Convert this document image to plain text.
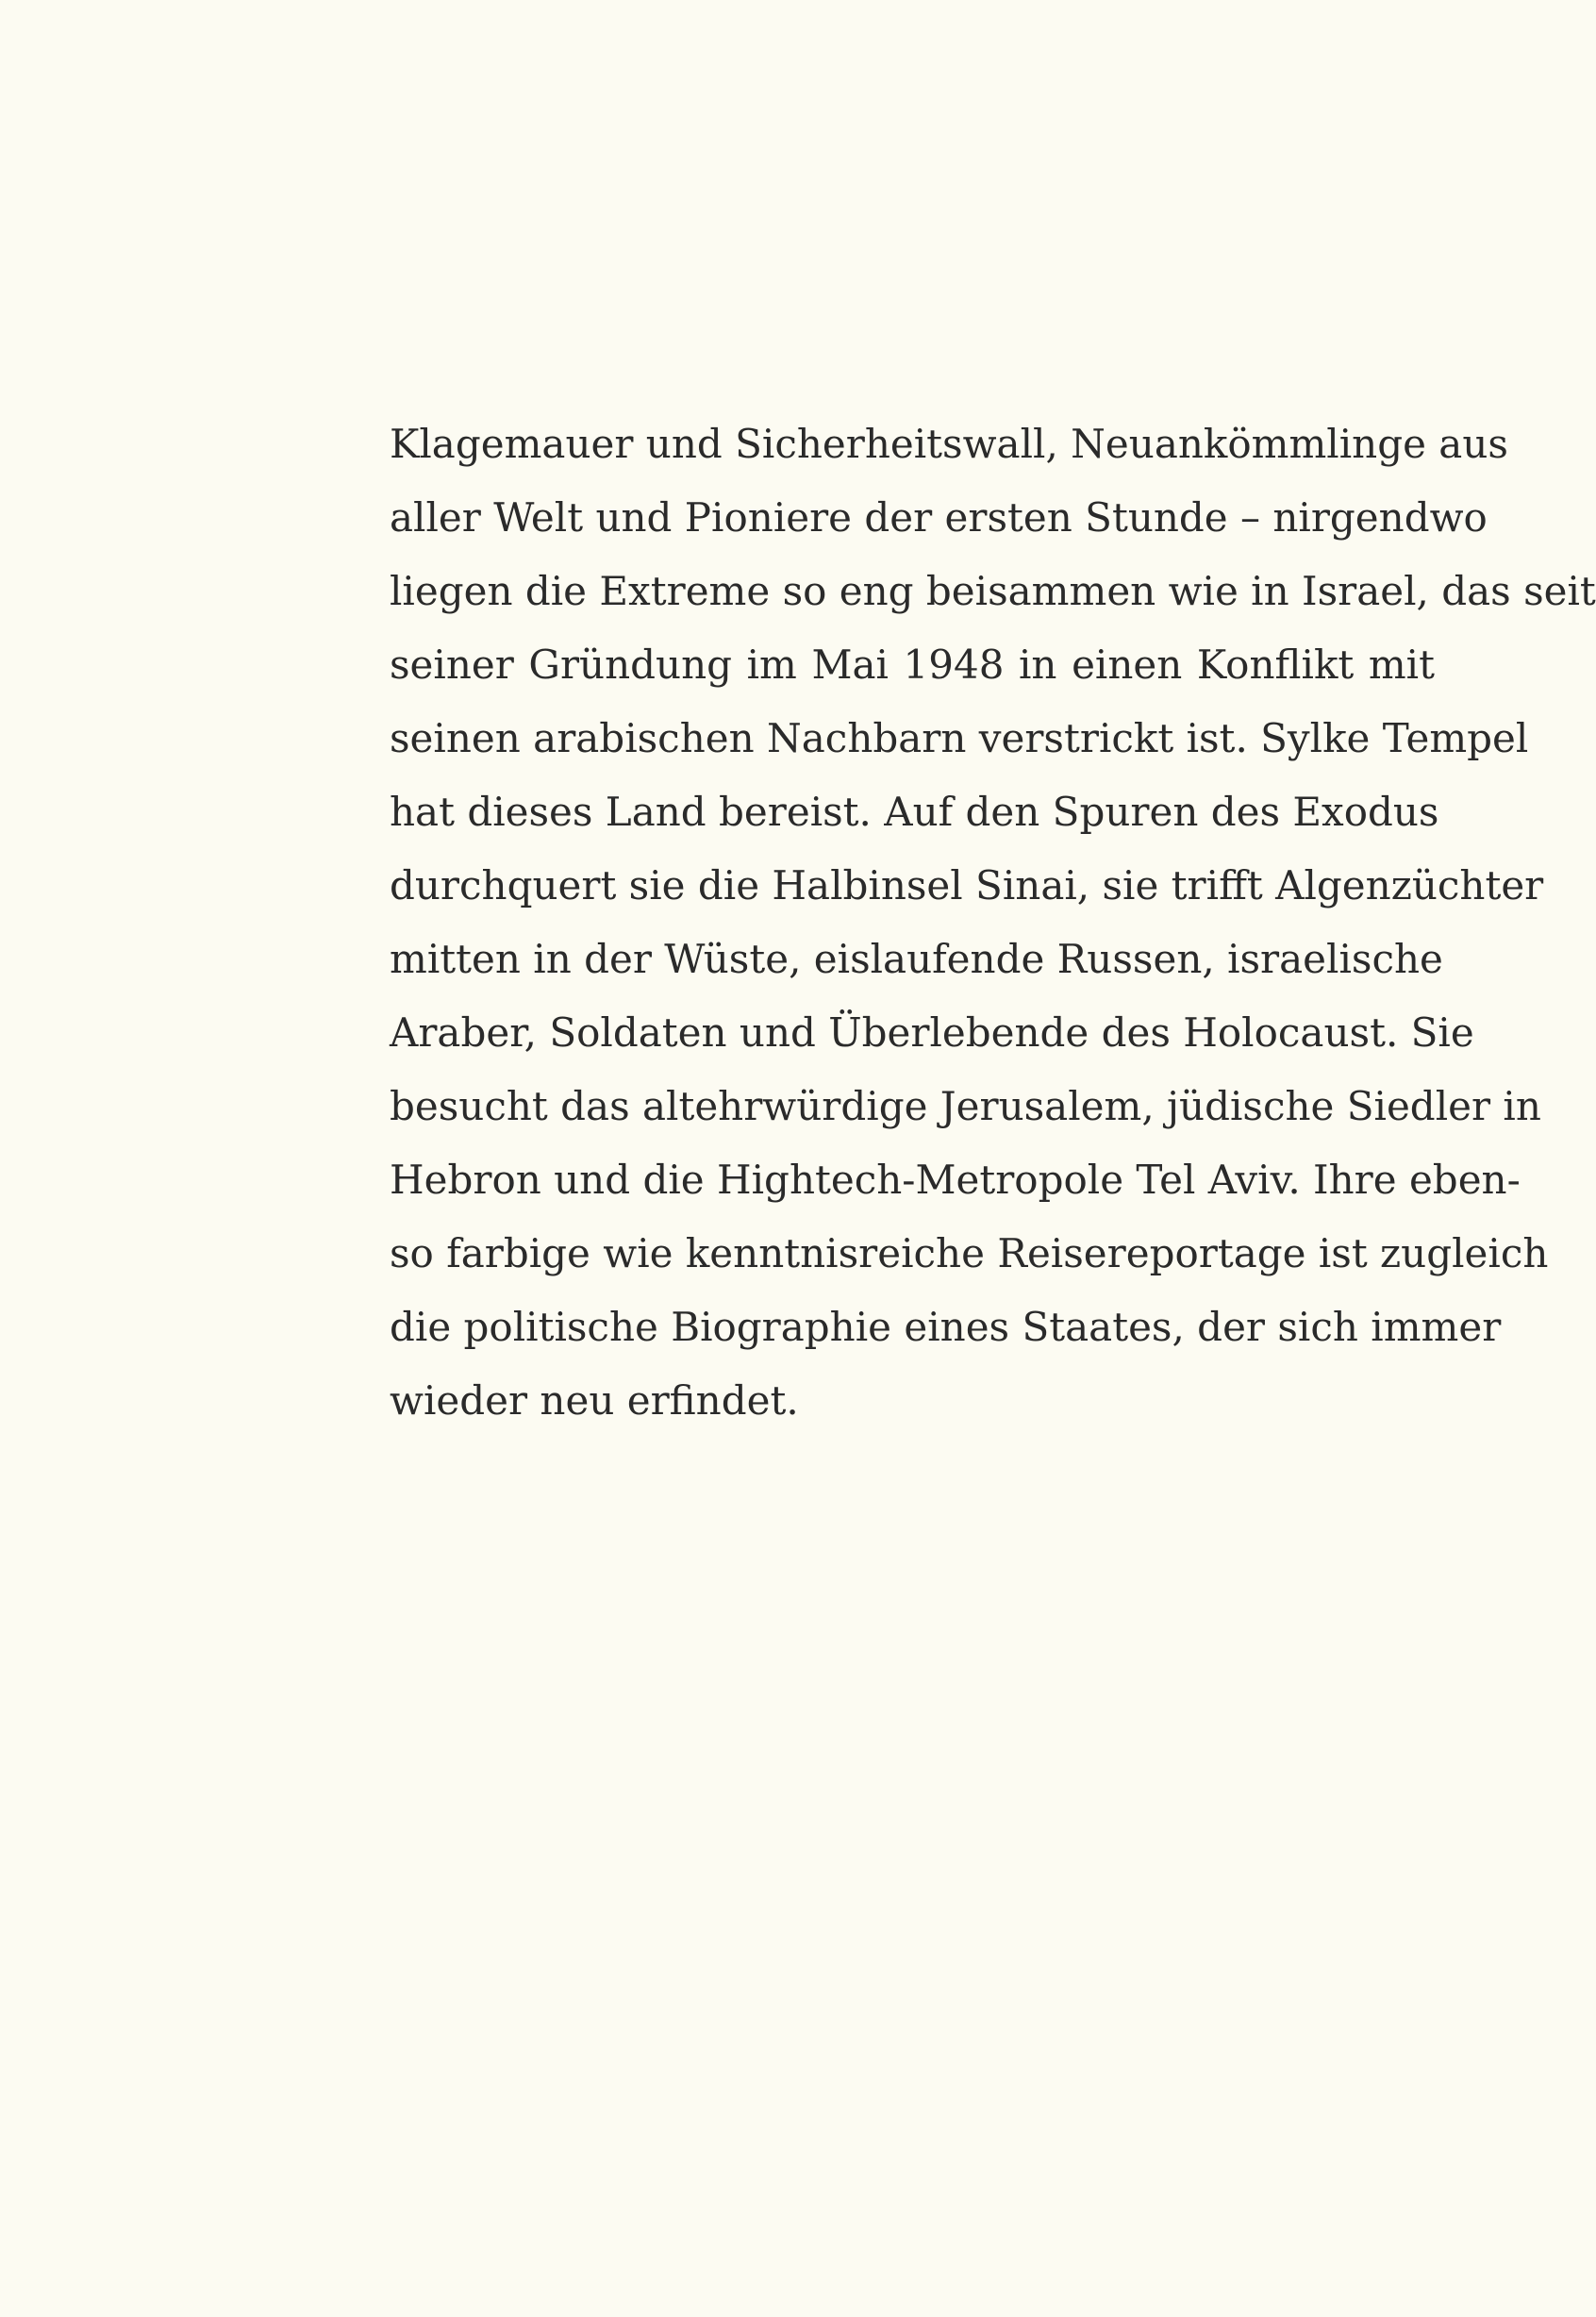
Klagemauer und Sicherheitswall, Neuankömmlinge aus
aller Welt und Pioniere der ersten Stunde – nirgendwo
liegen die Extreme so eng beisammen wie in Israel, das seit
seiner Gründung im Mai 1948 in einen Konflikt mit
seinen arabischen Nachbarn verstrickt ist. Sylke Tempel
hat dieses Land bereist. Auf den Spuren des Exodus
durchquert sie die Halbinsel Sinai, sie trifft Algenzüchter
mitten in der Wüste, eislaufende Russen, israelische
Araber, Soldaten und Überlebende des Holocaust. Sie
besucht das altehrwürdige Jerusalem, jüdische Siedler in
Hebron und die Hightech-Metropole Tel Aviv. Ihre eben-
so farbige wie kenntnisreiche Reisereportage ist zugleich
die politische Biographie eines Staates, der sich immer
wieder neu erfindet.
